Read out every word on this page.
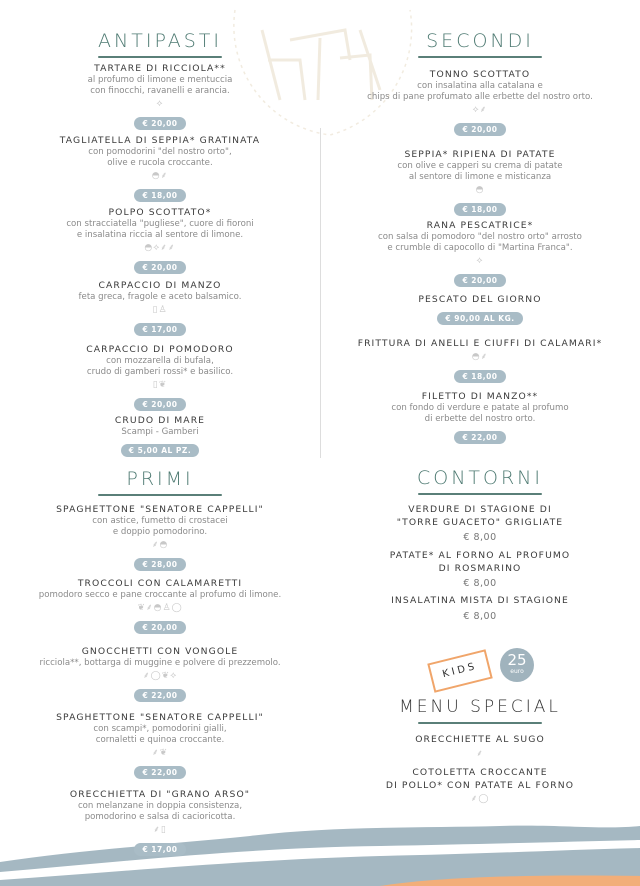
ANTIPASTI
TARTARE DI RICCIOLA**
al profumo di limone e mentuccia
con finocchi, ravanelli e arancia.
⟡
€ 20,00
TAGLIATELLA DI SEPPIA* GRATINATA
con pomodorini "del nostro orto",
olive e rucola croccante.
◓⸙
€ 18,00
POLPO SCOTTATO*
con stracciatella "pugliese", cuore di fioroni
e insalatina riccia al sentore di limone.
◓⟡⸙⸙
€ 20,00
CARPACCIO DI MANZO
feta greca, fragole e aceto balsamico.
▯♙
€ 17,00
CARPACCIO DI POMODORO
con mozzarella di bufala,
crudo di gamberi rossi* e basilico.
▯❦
€ 20,00
CRUDO DI MARE
Scampi - Gamberi
€ 5,00 AL PZ.
PRIMI
SPAGHETTONE "SENATORE CAPPELLI"
con astice, fumetto di crostacei
e doppio pomodorino.
⸙◓
€ 28,00
TROCCOLI CON CALAMARETTI
pomodoro secco e pane croccante al profumo di limone.
❦⸙◓♙◯
€ 20,00
GNOCCHETTI CON VONGOLE
ricciola**, bottarga di muggine e polvere di prezzemolo.
⸙◯❦⟡
€ 22,00
SPAGHETTONE "SENATORE CAPPELLI"
con scampi*, pomodorini gialli,
cornaletti e quinoa croccante.
⸙❦
€ 22,00
ORECCHIETTA DI "GRANO ARSO"
con melanzane in doppia consistenza,
pomodorino e salsa di cacioricotta.
⸙▯
€ 17,00
SECONDI
TONNO SCOTTATO
con insalatina alla catalana e
chips di pane profumato alle erbette del nostro orto.
⟡⸙
€ 20,00
SEPPIA* RIPIENA DI PATATE
con olive e capperi su crema di patate
al sentore di limone e misticanza
◓
€ 18,00
RANA PESCATRICE*
con salsa di pomodoro "del nostro orto" arrosto
e crumble di capocollo di "Martina Franca".
⟡
€ 20,00
PESCATO DEL GIORNO
€ 90,00 AL KG.
FRITTURA DI ANELLI E CIUFFI DI CALAMARI*
◓⸙
€ 18,00
FILETTO DI MANZO**
con fondo di verdure e patate al profumo
di erbette del nostro orto.
€ 22,00
CONTORNI
VERDURE DI STAGIONE DI
"TORRE GUACETO" GRIGLIATE
€ 8,00
PATATE* AL FORNO AL PROFUMO
DI ROSMARINO
€ 8,00
INSALATINA MISTA DI STAGIONE
€ 8,00
MENU SPECIAL
ORECCHIETTE AL SUGO
⸙
COTOLETTA CROCCANTE
DI POLLO* CON PATATE AL FORNO
⸙◯
KIDS
25
euro
